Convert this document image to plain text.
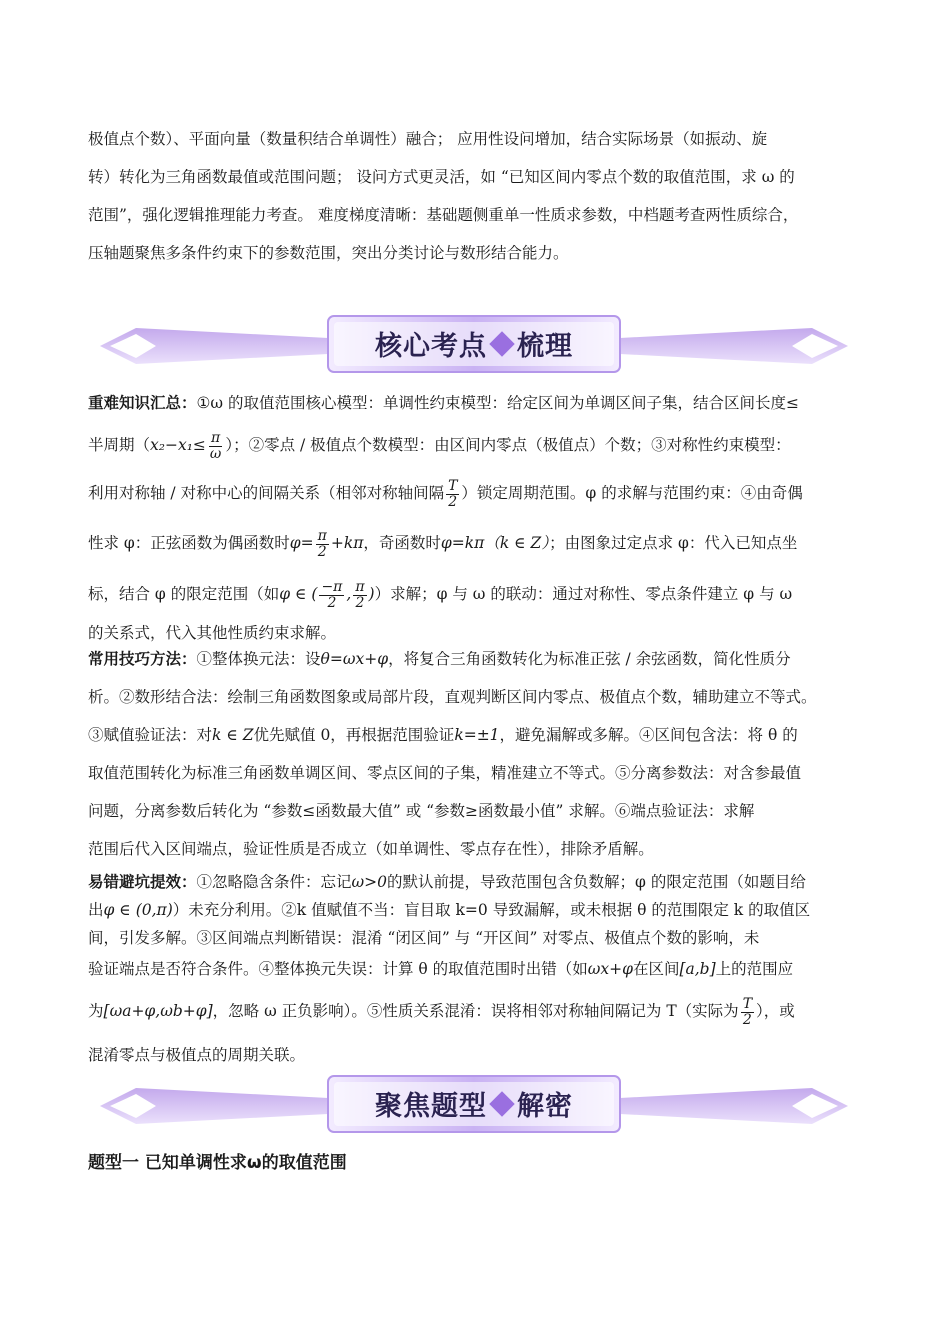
极值点个数）、平面向量（数量积结合单调性）融合； 应用性设问增加，结合实际场景（如振动、旋
转）转化为三角函数最值或范围问题； 设问方式更灵活，如 “已知区间内零点个数的取值范围，求 ω 的
范围”，强化逻辑推理能力考查。 难度梯度清晰：基础题侧重单一性质求参数，中档题考查两性质综合，
压轴题聚焦多条件约束下的参数范围，突出分类讨论与数形结合能力。
核心考点 梳理
重难知识汇总：①ω 的取值范围核心模型：单调性约束模型：给定区间为单调区间子集，结合区间长度≤
半周期（$x_2-x_1\le \frac{\pi}{\omega}$ ）；②零点 / 极值点个数模型：由区间内零点（极值点）个数；③对称性约束模型：
利用对称轴 / 对称中心的间隔关系（相邻对称轴间隔 $\frac{T}{2}$ ）锁定周期范围。φ 的求解与范围约束：④由奇偶
性求 φ：正弦函数为偶函数时$\varphi= \frac{\pi}{2} +k\pi$，奇函数时φ=kπ（k ∈ Z）；由图象过定点求 φ：代入已知点坐
标，结合 φ 的限定范围（如φ ∈ ( $\frac{-\pi}{2}$ , $\frac{\pi}{2}$ )）求解；φ 与 ω 的联动：通过对称性、零点条件建立 φ 与 ω
的关系式，代入其他性质约束求解。
常用技巧方法：①整体换元法：设θ=ωx+φ，将复合三角函数转化为标准正弦 / 余弦函数，简化性质分
析。②数形结合法：绘制三角函数图象或局部片段，直观判断区间内零点、极值点个数，辅助建立不等式。
③赋值验证法：对k ∈ Z优先赋值 0，再根据范围验证k=±1，避免漏解或多解。④区间包含法：将 θ 的
取值范围转化为标准三角函数单调区间、零点区间的子集，精准建立不等式。⑤分离参数法：对含参最值
问题，分离参数后转化为 “参数≤函数最大值” 或 “参数≥函数最小值” 求解。⑥端点验证法：求解
范围后代入区间端点，验证性质是否成立（如单调性、零点存在性），排除矛盾解。
易错避坑提效：①忽略隐含条件：忘记ω>0的默认前提，导致范围包含负数解；φ 的限定范围（如题目给
出φ ∈ (0,π)）未充分利用。②k 值赋值不当：盲目取 k=0 导致漏解，或未根据 θ 的范围限定 k 的取值区
间，引发多解。③区间端点判断错误：混淆 “闭区间” 与 “开区间” 对零点、极值点个数的影响，未
验证端点是否符合条件。④整体换元失误：计算 θ 的取值范围时出错（如ωx+φ在区间[a,b]上的范围应
为[ωa+φ,ωb+φ]，忽略 ω 正负影响）。⑤性质关系混淆：误将相邻对称轴间隔记为 T（实际为 $\frac{T}{2}$ ），或
混淆零点与极值点的周期关联。
聚焦题型 解密
题型一 已知单调性求ω的取值范围
